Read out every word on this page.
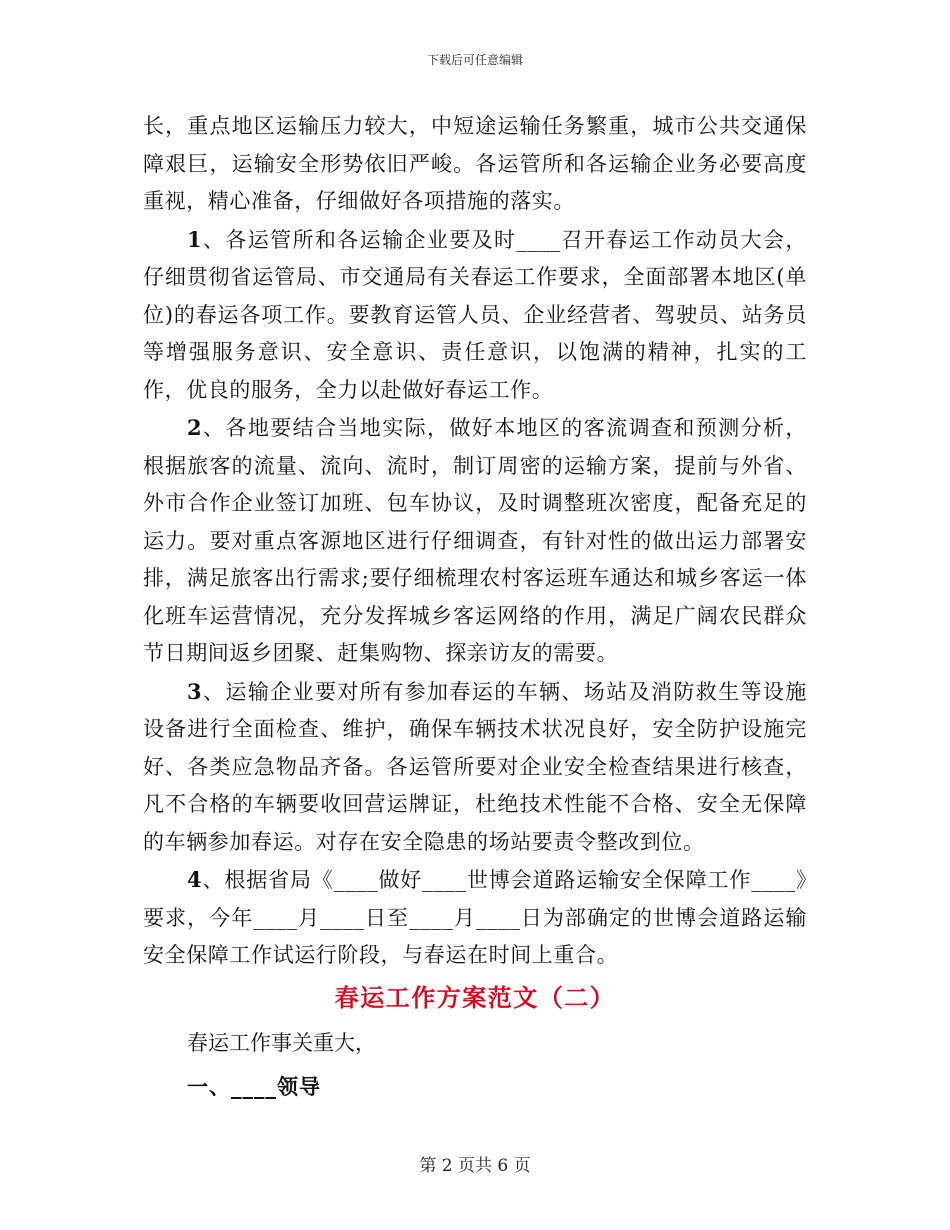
下载后可任意编辑

长，重点地区运输压力较大，中短途运输任务繁重，城市公共交通保障艰巨，运输安全形势依旧严峻。各运管所和各运输企业务必要高度重视，精心准备，仔细做好各项措施的落实。

1、各运管所和各运输企业要及时____召开春运工作动员大会，仔细贯彻省运管局、市交通局有关春运工作要求，全面部署本地区(单位)的春运各项工作。要教育运管人员、企业经营者、驾驶员、站务员等增强服务意识、安全意识、责任意识，以饱满的精神，扎实的工作，优良的服务，全力以赴做好春运工作。

2、各地要结合当地实际，做好本地区的客流调查和预测分析，根据旅客的流量、流向、流时，制订周密的运输方案，提前与外省、外市合作企业签订加班、包车协议，及时调整班次密度，配备充足的运力。要对重点客源地区进行仔细调查，有针对性的做出运力部署安排，满足旅客出行需求;要仔细梳理农村客运班车通达和城乡客运一体化班车运营情况，充分发挥城乡客运网络的作用，满足广阔农民群众节日期间返乡团聚、赶集购物、探亲访友的需要。

3、运输企业要对所有参加春运的车辆、场站及消防救生等设施设备进行全面检查、维护，确保车辆技术状况良好，安全防护设施完好、各类应急物品齐备。各运管所要对企业安全检查结果进行核查，凡不合格的车辆要收回营运牌证，杜绝技术性能不合格、安全无保障的车辆参加春运。对存在安全隐患的场站要责令整改到位。

4、根据省局《____做好____世博会道路运输安全保障工作____》要求，今年____月____日至____月____日为部确定的世博会道路运输安全保障工作试运行阶段，与春运在时间上重合。

春运工作方案范文（二）

春运工作事关重大，

一、____领导

第 2 页共 6 页
